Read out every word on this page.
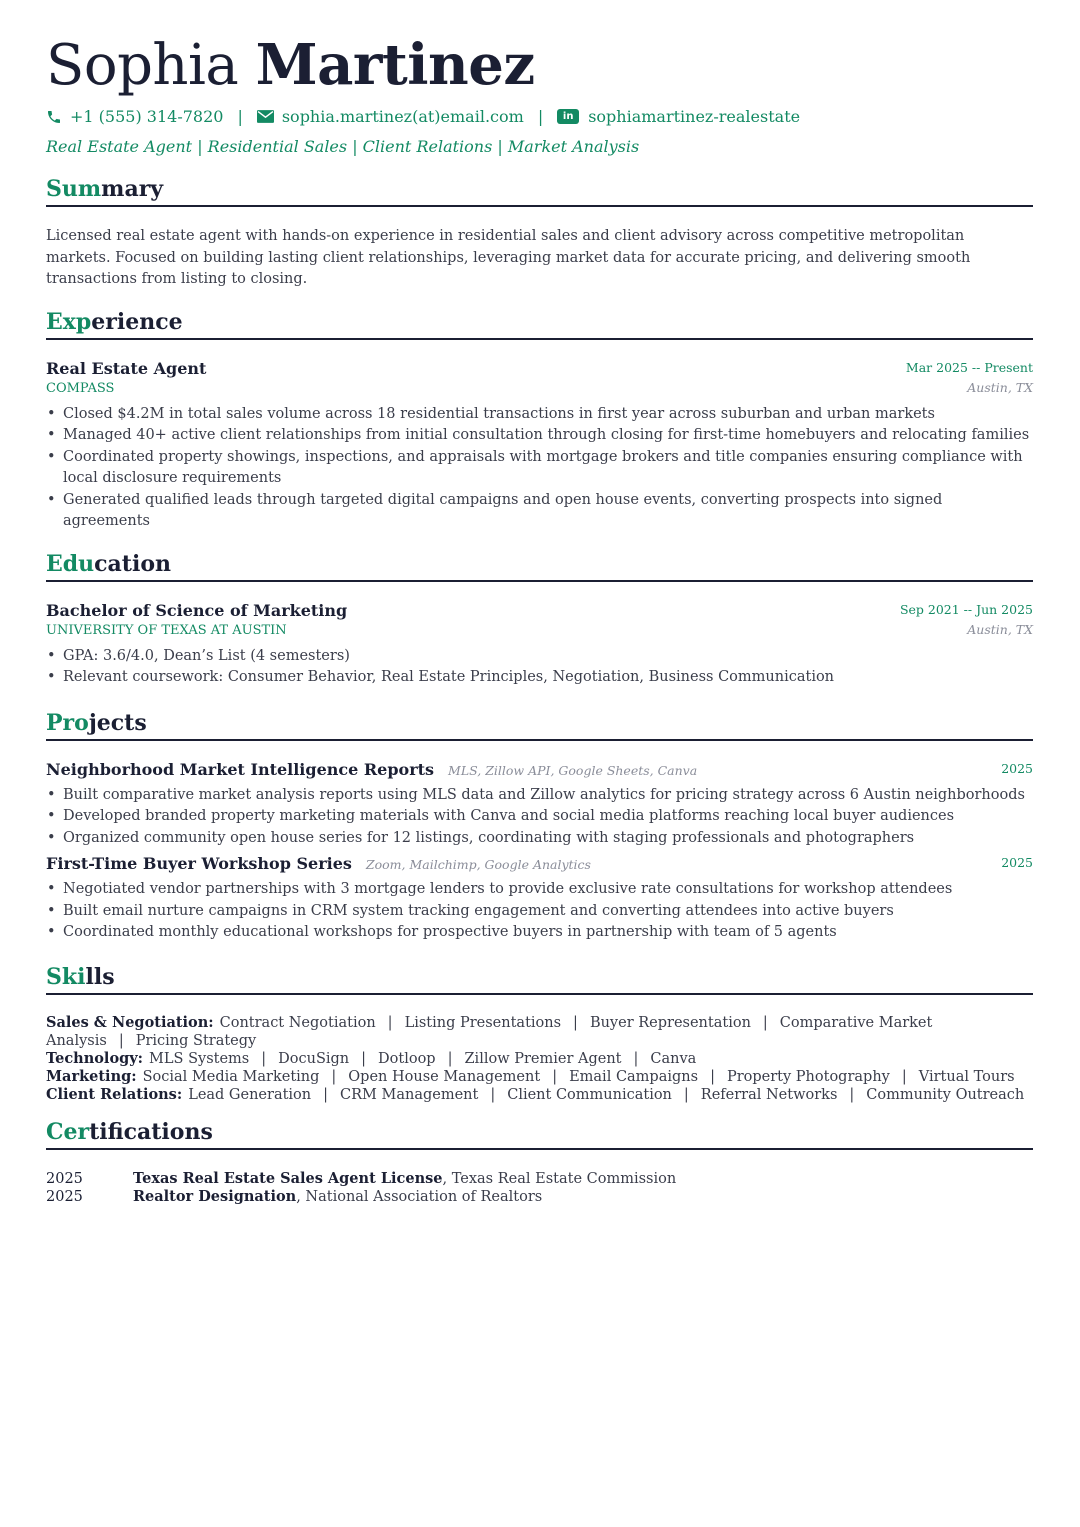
Sophia Martinez
+1 (555) 314-7820 | sophia.martinez(at)email.com |	in sophiamartinez-realestate
Real Estate Agent | Residential Sales | Client Relations | Market Analysis
Summary
Licensed real estate agent with hands-on experience in residential sales and client advisory across competitive metropolitan markets. Focused on building lasting client relationships, leveraging market data for accurate pricing, and delivering smooth transactions from listing to closing.
Experience
Real Estate Agent	Mar 2025 -- Present
COMPASS	Austin, TX
• Closed $4.2M in total sales volume across 18 residential transactions in first year across suburban and urban markets
• Managed 40+ active client relationships from initial consultation through closing for first-time homebuyers and relocating families
• Coordinated property showings, inspections, and appraisals with mortgage brokers and title companies ensuring compliance with local disclosure requirements
• Generated qualified leads through targeted digital campaigns and open house events, converting prospects into signed agreements
Education
Bachelor of Science of Marketing	Sep 2021 -- Jun 2025
UNIVERSITY OF TEXAS AT AUSTIN	Austin, TX
• GPA: 3.6/4.0, Dean’s List (4 semesters)
• Relevant coursework: Consumer Behavior, Real Estate Principles, Negotiation, Business Communication
Projects
Neighborhood Market Intelligence Reports MLS, Zillow API, Google Sheets, Canva	2025
• Built comparative market analysis reports using MLS data and Zillow analytics for pricing strategy across 6 Austin neighborhoods
• Developed branded property marketing materials with Canva and social media platforms reaching local buyer audiences
• Organized community open house series for 12 listings, coordinating with staging professionals and photographers
First-Time Buyer Workshop Series Zoom, Mailchimp, Google Analytics	2025
• Negotiated vendor partnerships with 3 mortgage lenders to provide exclusive rate consultations for workshop attendees
• Built email nurture campaigns in CRM system tracking engagement and converting attendees into active buyers
• Coordinated monthly educational workshops for prospective buyers in partnership with team of 5 agents
Skills
Sales & Negotiation: Contract Negotiation | Listing Presentations | Buyer Representation | Comparative Market Analysis | Pricing Strategy
Technology: MLS Systems | DocuSign | Dotloop | Zillow Premier Agent | Canva
Marketing: Social Media Marketing | Open House Management | Email Campaigns | Property Photography | Virtual Tours
Client Relations: Lead Generation | CRM Management | Client Communication | Referral Networks | Community Outreach
Certifications
2025	Texas Real Estate Sales Agent License, Texas Real Estate Commission
2025	Realtor Designation, National Association of Realtors
